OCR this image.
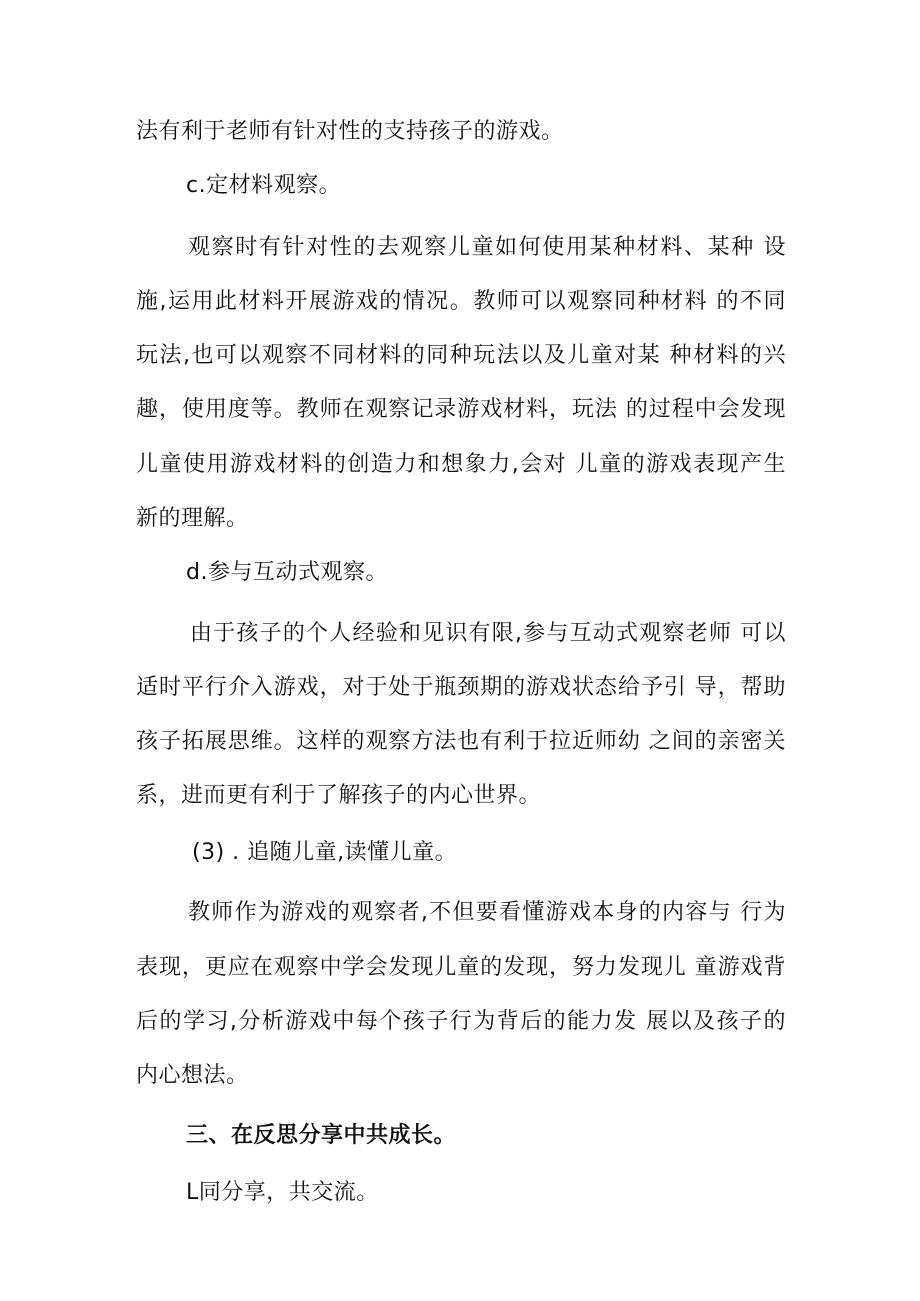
法有利于老师有针对性的支持孩子的游戏。
c.定材料观察。
观察时有针对性的去观察儿童如何使用某种材料、某种 设
施,运用此材料开展游戏的情况。教师可以观察同种材料 的不同
玩法,也可以观察不同材料的同种玩法以及儿童对某 种材料的兴
趣，使用度等。教师在观察记录游戏材料，玩法 的过程中会发现
儿童使用游戏材料的创造力和想象力,会对 儿童的游戏表现产生
新的理解。
d.参与互动式观察。
由于孩子的个人经验和见识有限,参与互动式观察老师 可以
适时平行介入游戏，对于处于瓶颈期的游戏状态给予引 导，帮助
孩子拓展思维。这样的观察方法也有利于拉近师幼 之间的亲密关
系，进而更有利于了解孩子的内心世界。
(3) . 追随儿童,读懂儿童。
教师作为游戏的观察者,不但要看懂游戏本身的内容与 行为
表现，更应在观察中学会发现儿童的发现，努力发现儿 童游戏背
后的学习,分析游戏中每个孩子行为背后的能力发 展以及孩子的
内心想法。
三、在反思分享中共成长。
L同分享，共交流。
